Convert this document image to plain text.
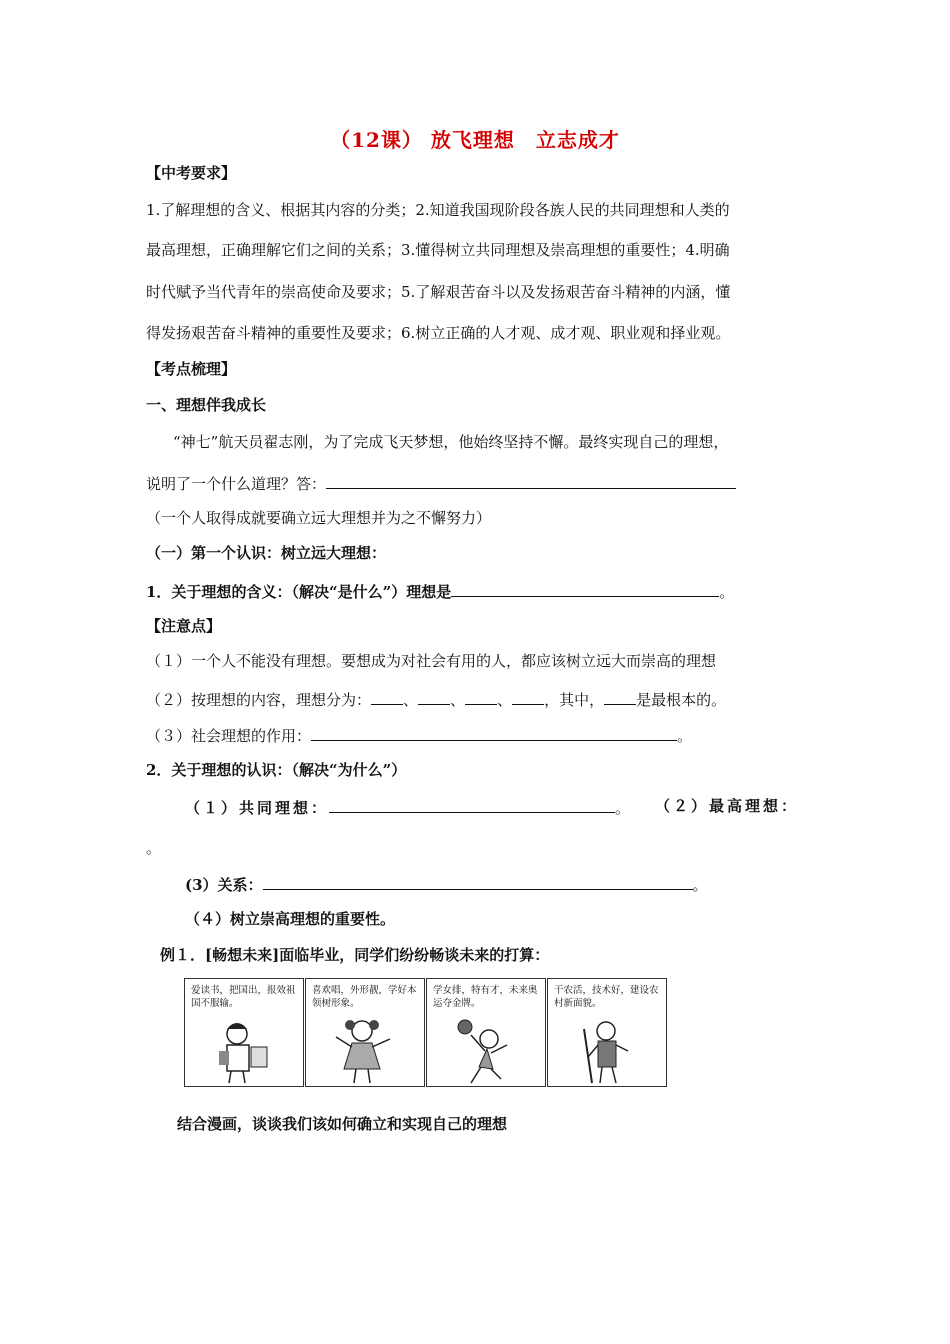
（12课） 放飞理想　立志成才
【中考要求】
1.了解理想的含义、根据其内容的分类；2.知道我国现阶段各族人民的共同理想和人类的
最高理想，正确理解它们之间的关系；3.懂得树立共同理想及崇高理想的重要性；4.明确
时代赋予当代青年的崇高使命及要求；5.了解艰苦奋斗以及发扬艰苦奋斗精神的内涵，懂
得发扬艰苦奋斗精神的重要性及要求；6.树立正确的人才观、成才观、职业观和择业观。
【考点梳理】
一、理想伴我成长
“神七”航天员翟志刚，为了完成飞天梦想，他始终坚持不懈。最终实现自己的理想，
说明了一个什么道理？答：
（一个人取得成就要确立远大理想并为之不懈努力）
（一）第一个认识：树立远大理想：
1．关于理想的含义：（解决“是什么”）理想是	。
【注意点】
（１）一个人不能没有理想。要想成为对社会有用的人，都应该树立远大而崇高的理想
（２）按理想的内容，理想分为： 、 、 、 ，其中， 是最根本的。
（３）社会理想的作用：	。
2．关于理想的认识：（解决“为什么”）
（１）共同理想：	。 （２）最高理想：
。
(3）关系：	。
（４）树立崇高理想的重要性。
例１．[畅想未来]面临毕业，同学们纷纷畅谈未来的打算：
爱读书，把国出，报效祖国不服输。
喜欢唱，外形靓，学好本领树形象。
学女排，特有才，未来奥运夺金牌。
干农活，技术好，建设农村新面貌。
结合漫画，谈谈我们该如何确立和实现自己的理想
